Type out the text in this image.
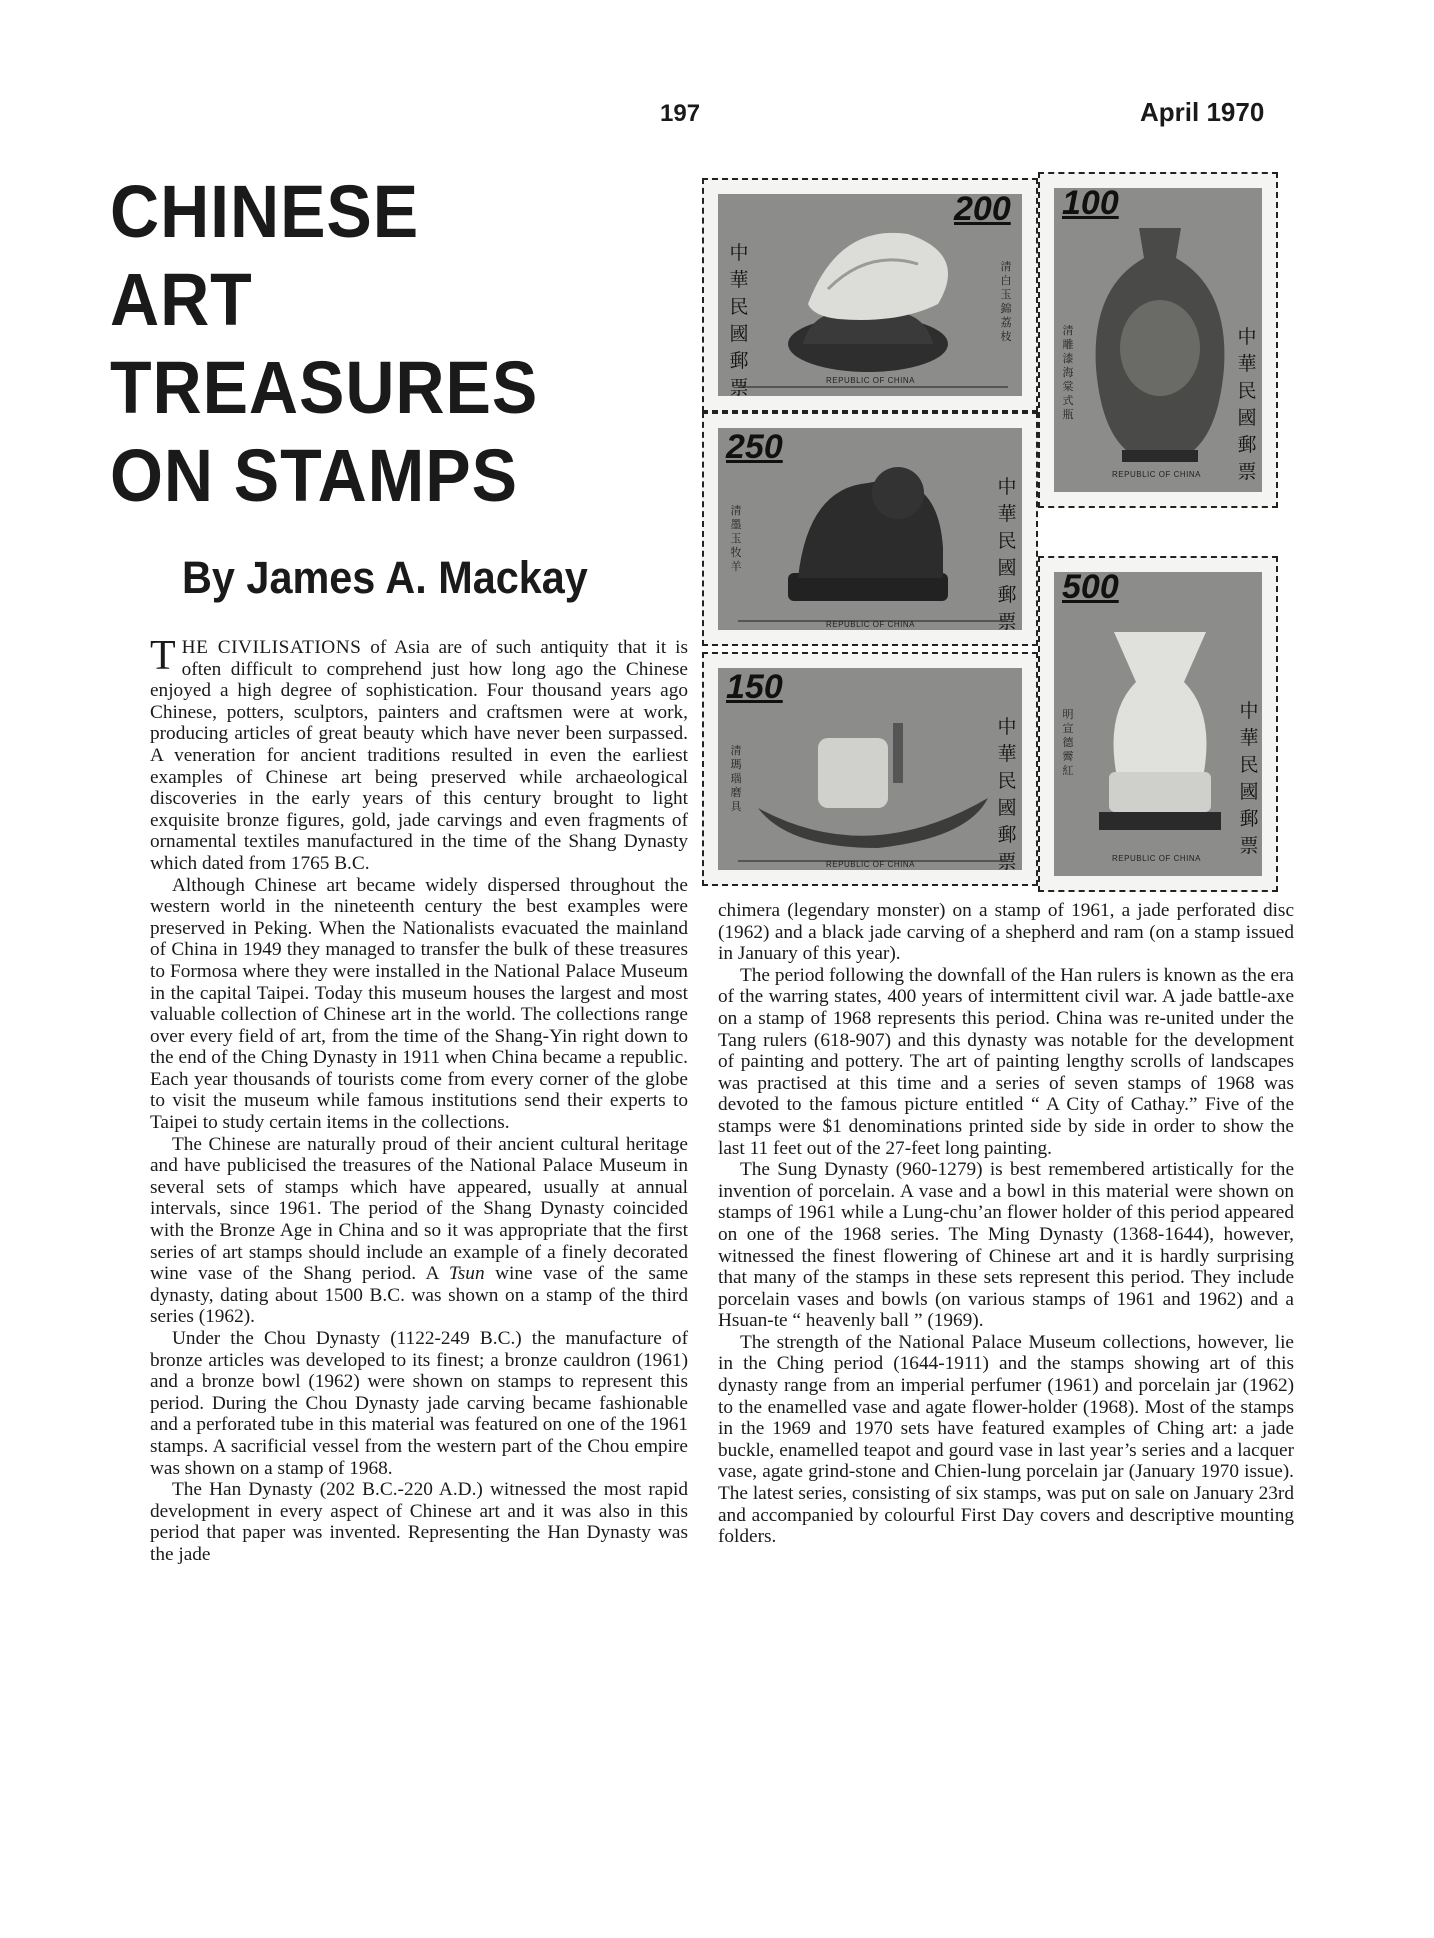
197	April 1970
CHINESE
ART
TREASURES
ON STAMPS
By James A. Mackay
200
中華民國郵票
清白玉錦荔枝
REPUBLIC OF CHINA
100
中華民國郵票
清雕漆海棠式瓶
REPUBLIC OF CHINA
250
中華民國郵票
清墨玉牧羊
REPUBLIC OF CHINA
150
中華民國郵票
清瑪瑙磨具
REPUBLIC OF CHINA
500
中華民國郵票
明宣德霽紅
REPUBLIC OF CHINA

THE CIVILISATIONS of Asia are of such antiquity that it is often difficult to comprehend just how long ago the Chinese enjoyed a high degree of sophistication. Four thousand years ago Chinese, potters, sculptors, painters and craftsmen were at work, producing articles of great beauty which have never been surpassed. A veneration for ancient traditions resulted in even the earliest examples of Chinese art being preserved while archaeological discoveries in the early years of this century brought to light exquisite bronze figures, gold, jade carvings and even fragments of ornamental textiles manufactured in the time of the Shang Dynasty which dated from 1765 B.C.

Although Chinese art became widely dispersed throughout the western world in the nineteenth century the best examples were preserved in Peking. When the Nationalists evacuated the mainland of China in 1949 they managed to transfer the bulk of these treasures to Formosa where they were installed in the National Palace Museum in the capital Taipei. Today this museum houses the largest and most valuable collection of Chinese art in the world. The collections range over every field of art, from the time of the Shang-Yin right down to the end of the Ching Dynasty in 1911 when China became a republic. Each year thousands of tourists come from every corner of the globe to visit the museum while famous institutions send their experts to Taipei to study certain items in the collections.

The Chinese are naturally proud of their ancient cultural heritage and have publicised the treasures of the National Palace Museum in several sets of stamps which have appeared, usually at annual intervals, since 1961. The period of the Shang Dynasty coincided with the Bronze Age in China and so it was appropriate that the first series of art stamps should include an example of a finely decorated wine vase of the Shang period. A Tsun wine vase of the same dynasty, dating about 1500 B.C. was shown on a stamp of the third series (1962).

Under the Chou Dynasty (1122-249 B.C.) the manufacture of bronze articles was developed to its finest; a bronze cauldron (1961) and a bronze bowl (1962) were shown on stamps to represent this period. During the Chou Dynasty jade carving became fashionable and a perforated tube in this material was featured on one of the 1961 stamps. A sacrificial vessel from the western part of the Chou empire was shown on a stamp of 1968.

The Han Dynasty (202 B.C.-220 A.D.) witnessed the most rapid development in every aspect of Chinese art and it was also in this period that paper was invented. Representing the Han Dynasty was the jade

chimera (legendary monster) on a stamp of 1961, a jade perforated disc (1962) and a black jade carving of a shepherd and ram (on a stamp issued in January of this year).

The period following the downfall of the Han rulers is known as the era of the warring states, 400 years of intermittent civil war. A jade battle-axe on a stamp of 1968 represents this period. China was re-united under the Tang rulers (618-907) and this dynasty was notable for the development of painting and pottery. The art of painting lengthy scrolls of landscapes was practised at this time and a series of seven stamps of 1968 was devoted to the famous picture entitled “ A City of Cathay.” Five of the stamps were $1 denominations printed side by side in order to show the last 11 feet out of the 27-feet long painting.

The Sung Dynasty (960-1279) is best remembered artistically for the invention of porcelain. A vase and a bowl in this material were shown on stamps of 1961 while a Lung-chu’an flower holder of this period appeared on one of the 1968 series. The Ming Dynasty (1368-1644), however, witnessed the finest flowering of Chinese art and it is hardly surprising that many of the stamps in these sets represent this period. They include porcelain vases and bowls (on various stamps of 1961 and 1962) and a Hsuan-te “ heavenly ball ” (1969).

The strength of the National Palace Museum collections, however, lie in the Ching period (1644-1911) and the stamps showing art of this dynasty range from an imperial perfumer (1961) and porcelain jar (1962) to the enamelled vase and agate flower-holder (1968). Most of the stamps in the 1969 and 1970 sets have featured examples of Ching art: a jade buckle, enamelled teapot and gourd vase in last year’s series and a lacquer vase, agate grind-stone and Chien-lung porcelain jar (January 1970 issue). The latest series, consisting of six stamps, was put on sale on January 23rd and accompanied by colourful First Day covers and descriptive mounting folders.
